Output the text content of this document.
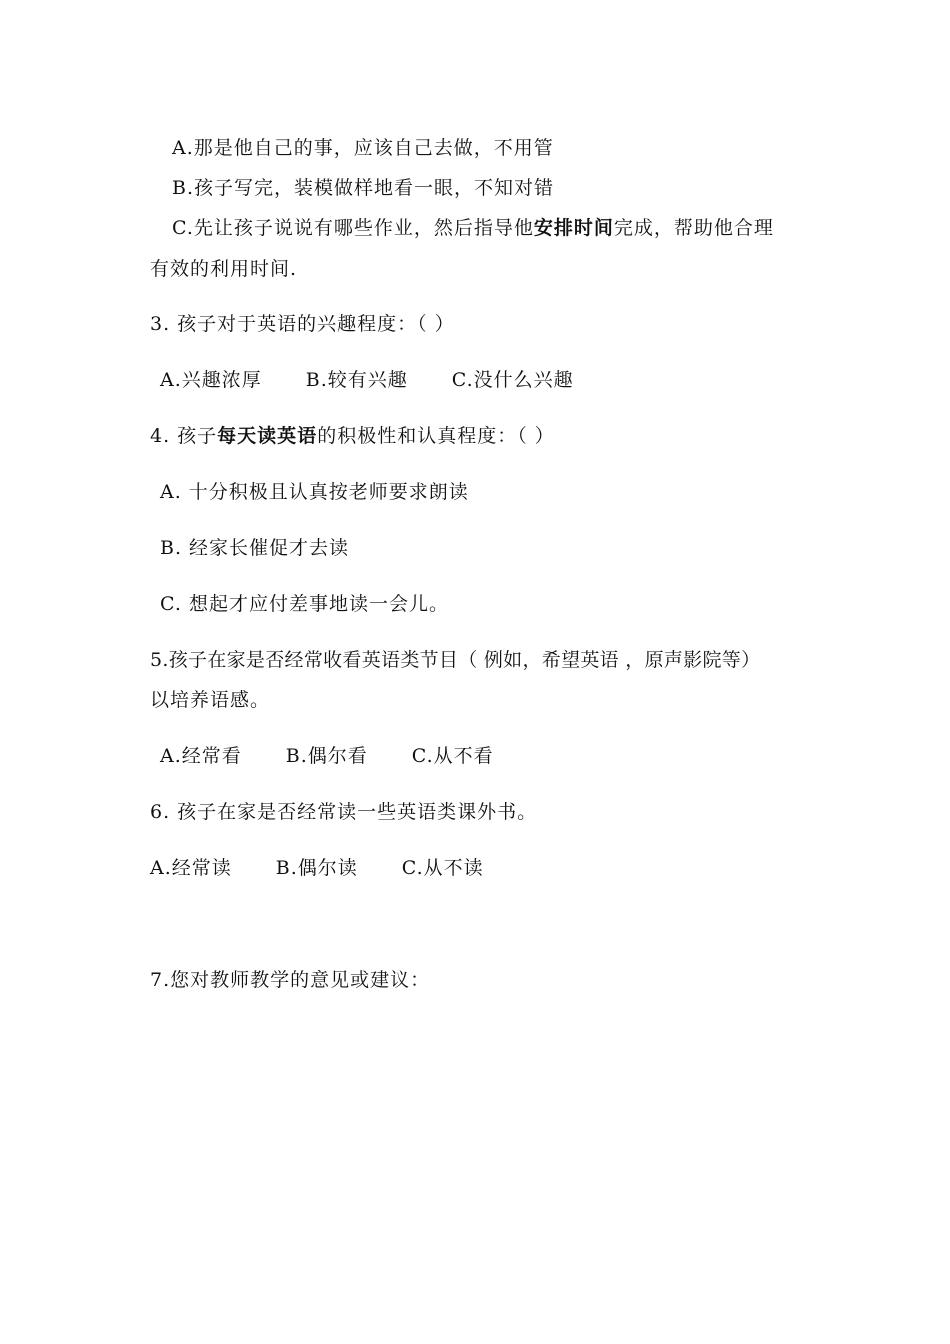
A.那是他自己的事，应该自己去做，不用管
B.孩子写完，装模做样地看一眼，不知对错
C.先让孩子说说有哪些作业，然后指导他安排时间完成，帮助他合理
有效的利用时间.
3. 孩子对于英语的兴趣程度：（ ）
A.兴趣浓厚 B.较有兴趣 C.没什么兴趣
4. 孩子每天读英语的积极性和认真程度：（ ）
A. 十分积极且认真按老师要求朗读
B. 经家长催促才去读
C. 想起才应付差事地读一会儿。
5.孩子在家是否经常收看英语类节目（ 例如，希望英语 ，原声影院等）
以培养语感。
A.经常看 B.偶尔看 C.从不看
6. 孩子在家是否经常读一些英语类课外书。
A.经常读 B.偶尔读 C.从不读
7.您对教师教学的意见或建议：
